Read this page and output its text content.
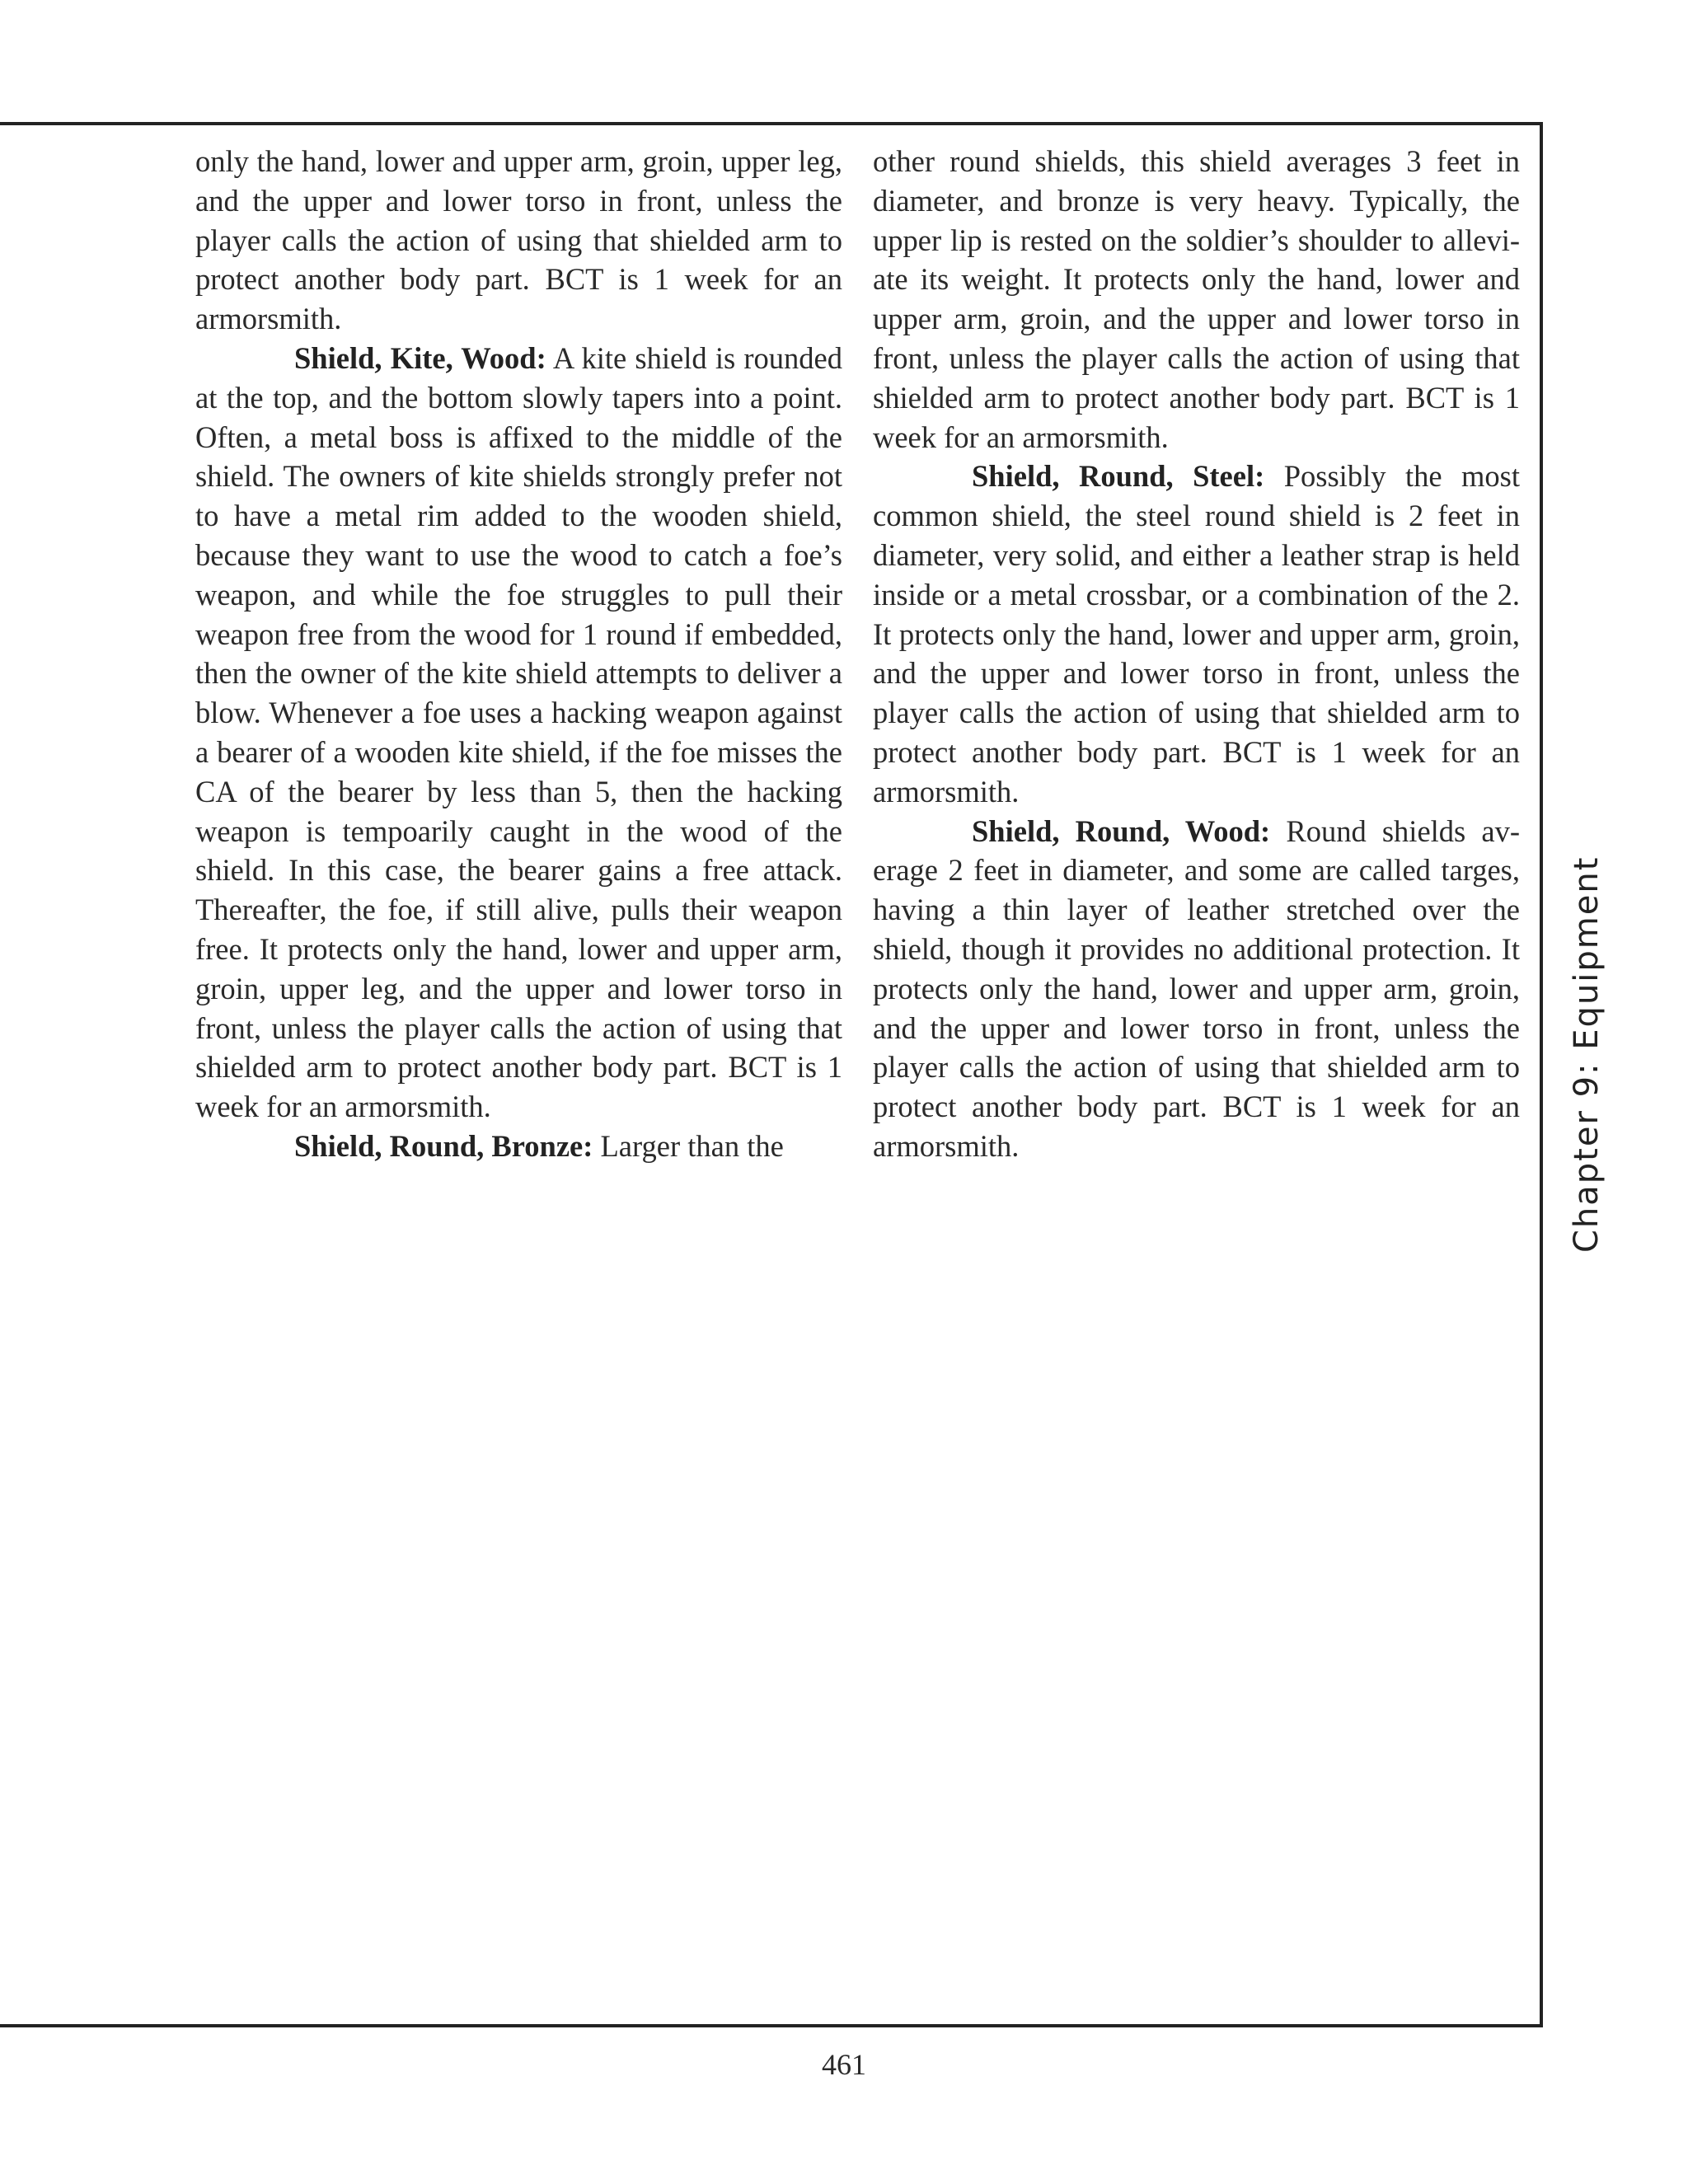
only the hand, lower and upper arm, groin, upper leg, and the upper and lower torso in front, unless the player calls the action of using that shielded arm to protect another body part. BCT is 1 week for an armorsmith.

Shield, Kite, Wood: A kite shield is rounded at the top, and the bottom slowly tapers into a point. Often, a metal boss is affixed to the middle of the shield. The owners of kite shields strongly prefer not to have a metal rim added to the wooden shield, because they want to use the wood to catch a foe’s weapon, and while the foe struggles to pull their weapon free from the wood for 1 round if embedded, then the owner of the kite shield attempts to deliver a blow. Whenever a foe uses a hacking weapon against a bearer of a wooden kite shield, if the foe misses the CA of the bearer by less than 5, then the hacking weapon is tempoarily caught in the wood of the shield. In this case, the bearer gains a free attack. Thereafter, the foe, if still alive, pulls their weapon free. It protects only the hand, lower and upper arm, groin, upper leg, and the upper and lower torso in front, unless the player calls the action of using that shielded arm to protect another body part. BCT is 1 week for an armorsmith.

Shield, Round, Bronze: Larger than the

other round shields, this shield averages 3 feet in diameter, and bronze is very heavy. Typically, the upper lip is rested on the soldier’s shoulder to alleviate its weight. It protects only the hand, lower and upper arm, groin, and the upper and lower torso in front, unless the player calls the action of using that shielded arm to protect another body part. BCT is 1 week for an armorsmith.

Shield, Round, Steel: Possibly the most common shield, the steel round shield is 2 feet in diameter, very solid, and either a leather strap is held inside or a metal crossbar, or a combination of the 2. It protects only the hand, lower and upper arm, groin, and the upper and lower torso in front, unless the player calls the action of using that shielded arm to protect another body part. BCT is 1 week for an armorsmith.

Shield, Round, Wood: Round shields average 2 feet in diameter, and some are called targes, having a thin layer of leather stretched over the shield, though it provides no additional protection. It protects only the hand, lower and upper arm, groin, and the upper and lower torso in front, unless the player calls the action of using that shielded arm to protect another body part. BCT is 1 week for an armorsmith.	Chapter 9: Equipment
461
